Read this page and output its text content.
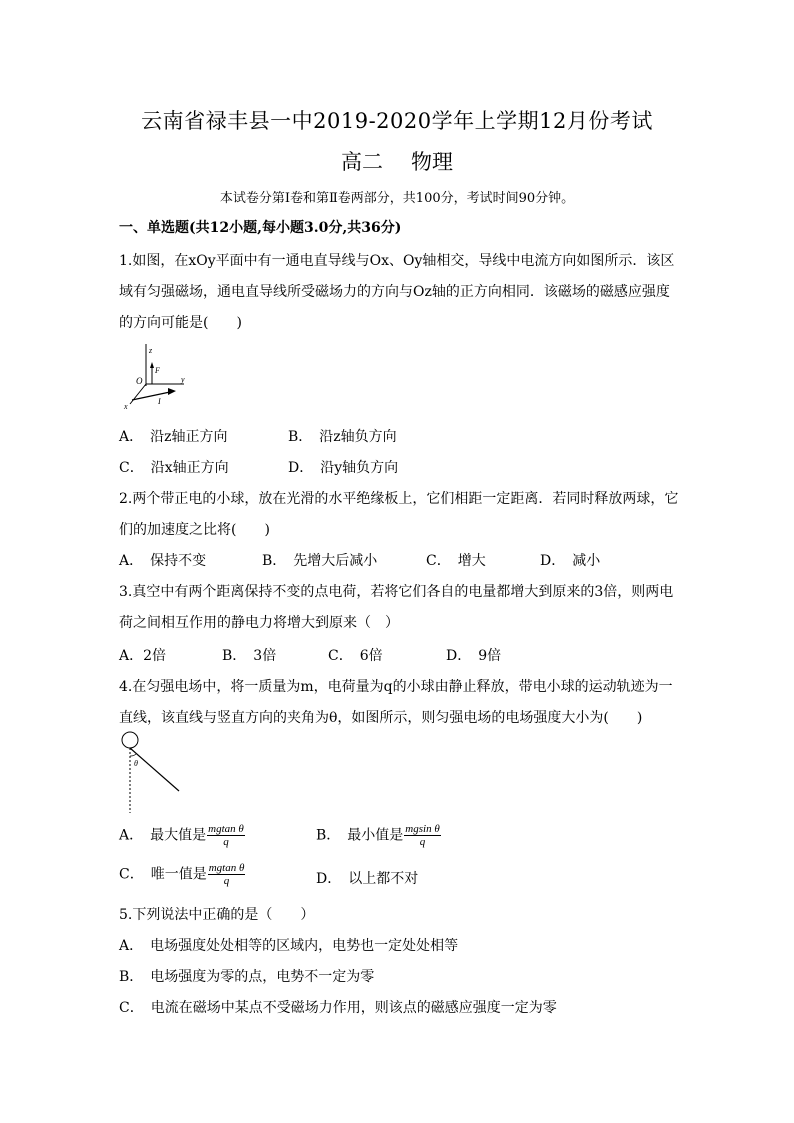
云南省禄丰县一中2019-2020学年上学期12月份考试
高二 物理
本试卷分第Ⅰ卷和第Ⅱ卷两部分，共100分，考试时间90分钟。
一、单选题(共12小题,每小题3.0分,共36分)
1.如图，在xOy平面中有一通电直导线与Ox、Oy轴相交，导线中电流方向如图所示．该区
域有匀强磁场，通电直导线所受磁场力的方向与Oz轴的正方向相同．该磁场的磁感应强度
的方向可能是(　　)
z
F
O	y
x
I
A．　沿z轴正方向	B．　沿z轴负方向
C．　沿x轴正方向	D．　沿y轴负方向
2.两个带正电的小球，放在光滑的水平绝缘板上，它们相距一定距离．若同时释放两球，它
们的加速度之比将(　　)
A．　保持不变	B．　先增大后减小	C．　增大	D．　减小
3.真空中有两个距离保持不变的点电荷，若将它们各自的电量都增大到原来的3倍，则两电
荷之间相互作用的静电力将增大到原来（　）
A．2倍	B．　3倍	C．　6倍	D．　9倍
4.在匀强电场中，将一质量为m，电荷量为q的小球由静止释放，带电小球的运动轨迹为一
直线，该直线与竖直方向的夹角为θ，如图所示，则匀强电场的电场强度大小为(　　)
θ
A．　最大值是 $\frac{\text{mgtan θ}}{q}$	B．　最小值是 $\frac{\text{mgsin θ}}{q}$
C．　唯一值是 $\frac{\text{mgtan θ}}{q}$	D．　以上都不对
5.下列说法中正确的是（　　）
A．　电场强度处处相等的区域内，电势也一定处处相等
B．　电场强度为零的点，电势不一定为零
C．　电流在磁场中某点不受磁场力作用，则该点的磁感应强度一定为零
